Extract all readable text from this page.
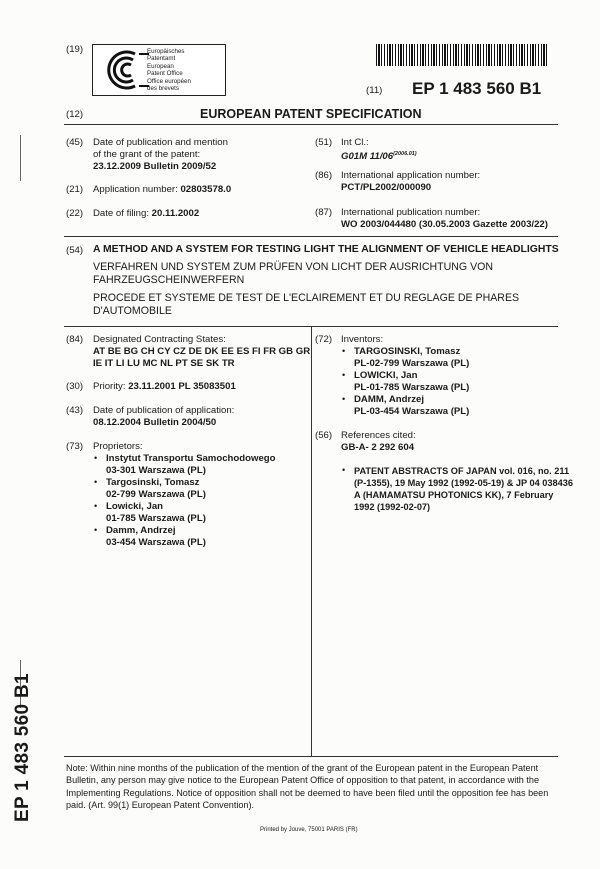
(19)	Europäisches
Patentamt
European
Patent Office
Office européen
des brevets	(11) EP 1 483 560 B1
(12)	EUROPEAN PATENT SPECIFICATION
(45) Date of publication and mention
of the grant of the patent:
23.12.2009 Bulletin 2009/52
(21) Application number: 02803578.0
(22) Date of filing: 20.11.2002
(51) Int Cl.:
G01M $11/06^{(2006.01)}$
(86) International application number:
PCT/PL2002/000090
(87) International publication number:
WO 2003/044480 (30.05.2003 Gazette 2003/22)
(54) A METHOD AND A SYSTEM FOR TESTING LIGHT THE ALIGNMENT OF VEHICLE HEADLIGHTS
VERFAHREN UND SYSTEM ZUM PRÜFEN VON LICHT DER AUSRICHTUNG VON
FAHRZEUGSCHEINWERFERN
PROCEDE ET SYSTEME DE TEST DE L'ECLAIREMENT ET DU REGLAGE DE PHARES
D'AUTOMOBILE
(84) Designated Contracting States:
AT BE BG CH CY CZ DE DK EE ES FI FR GB GR
IE IT LI LU MC NL PT SE SK TR
(30) Priority: 23.11.2001 PL 35083501
(43) Date of publication of application:
08.12.2004 Bulletin 2004/50
(73) Proprietors:
• Instytut Transportu Samochodowego
03-301 Warszawa (PL)
• Targosinski, Tomasz
02-799 Warszawa (PL)
• Lowicki, Jan
01-785 Warszawa (PL)
• Damm, Andrzej
03-454 Warszawa (PL)
(72) Inventors:
• TARGOSINSKI, Tomasz
PL-02-799 Warszawa (PL)
• LOWICKI, Jan
PL-01-785 Warszawa (PL)
• DAMM, Andrzej
PL-03-454 Warszawa (PL)
(56) References cited:
GB-A- 2 292 604
• PATENT ABSTRACTS OF JAPAN vol. 016, no. 211
(P-1355), 19 May 1992 (1992-05-19) & JP 04 038436
A (HAMAMATSU PHOTONICS KK), 7 February
1992 (1992-02-07)
Note: Within nine months of the publication of the mention of the grant of the European patent in the European Patent
Bulletin, any person may give notice to the European Patent Office of opposition to that patent, in accordance with the
Implementing Regulations. Notice of opposition shall not be deemed to have been filed until the opposition fee has been
paid. (Art. 99(1) European Patent Convention).
Printed by Jouve, 75001 PARIS (FR)
EP 1 483 560 B1
